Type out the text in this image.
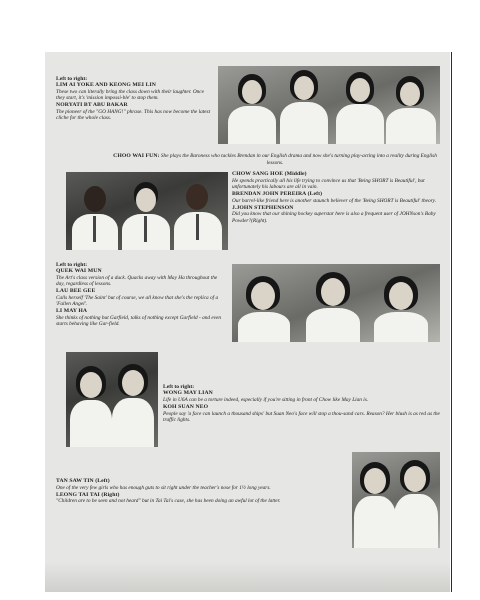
Left to right:
LIM AI YOKE AND KEONG MEI LIN
These two can literally bring the class down with their laughter. Once they start, it's 'mission impossi-ble' to stop them.
NORYATI BT ABU BAKAR
The pioneer of the "GO HANG!" phrase. This has now become the latest cliche for the whole class.
CHOO WAI FUN: She plays the Baroness who tackles Brendan in our English drama and now she's turning play-acting into a reality during English lessons.
CHOW SANG HOE (Middle)
He spends practically all his life trying to convince us that 'Being SHORT is Beautiful', but unfortunately his labours are all in vain.
BRENDAN JOHN PEREIRA (Left)
Our barrel-like friend here is another staunch believer of the 'Being SHORT is Beautiful' theory.
J.JOHN STEPHENSON
Did you know that our shining hockey superstar here is also a frequent user of JOHNson's Baby Powder?(Right).
Left to right:
QUEK WAI MUN
The Art's class version of a duck. Quacks away with May Ha throughout the day, regardless of lessons.
LAU BEE GEE
Calls herself 'The Saint' but of course, we all know that she's the replica of a 'Fallen Angel'.
LI MAY HA
She thinks of nothing but Garfield, talks of nothing except Garfield - and even starts behaving like Gar-field.
Left to right:
WONG MAY LIAN
Life in U6A can be a torture indeed, especially if you're sitting in front of Chow like May Lian is.
KOH SUAN NEO
People say 'a face can launch a thousand ships' but Suan Neo's face will stop a thou-sand cars. Reason? Her blush is as red as the traffic lights.
TAN SAW TIN (Left)
One of the very few girls who has enough guts to sit right under the teacher's nose for 1½ long years.
LEONG TAI TAI (Right)
"Children are to be seen and not heard" but in Tai Tai's case, she has been doing an awful lot of the latter.
